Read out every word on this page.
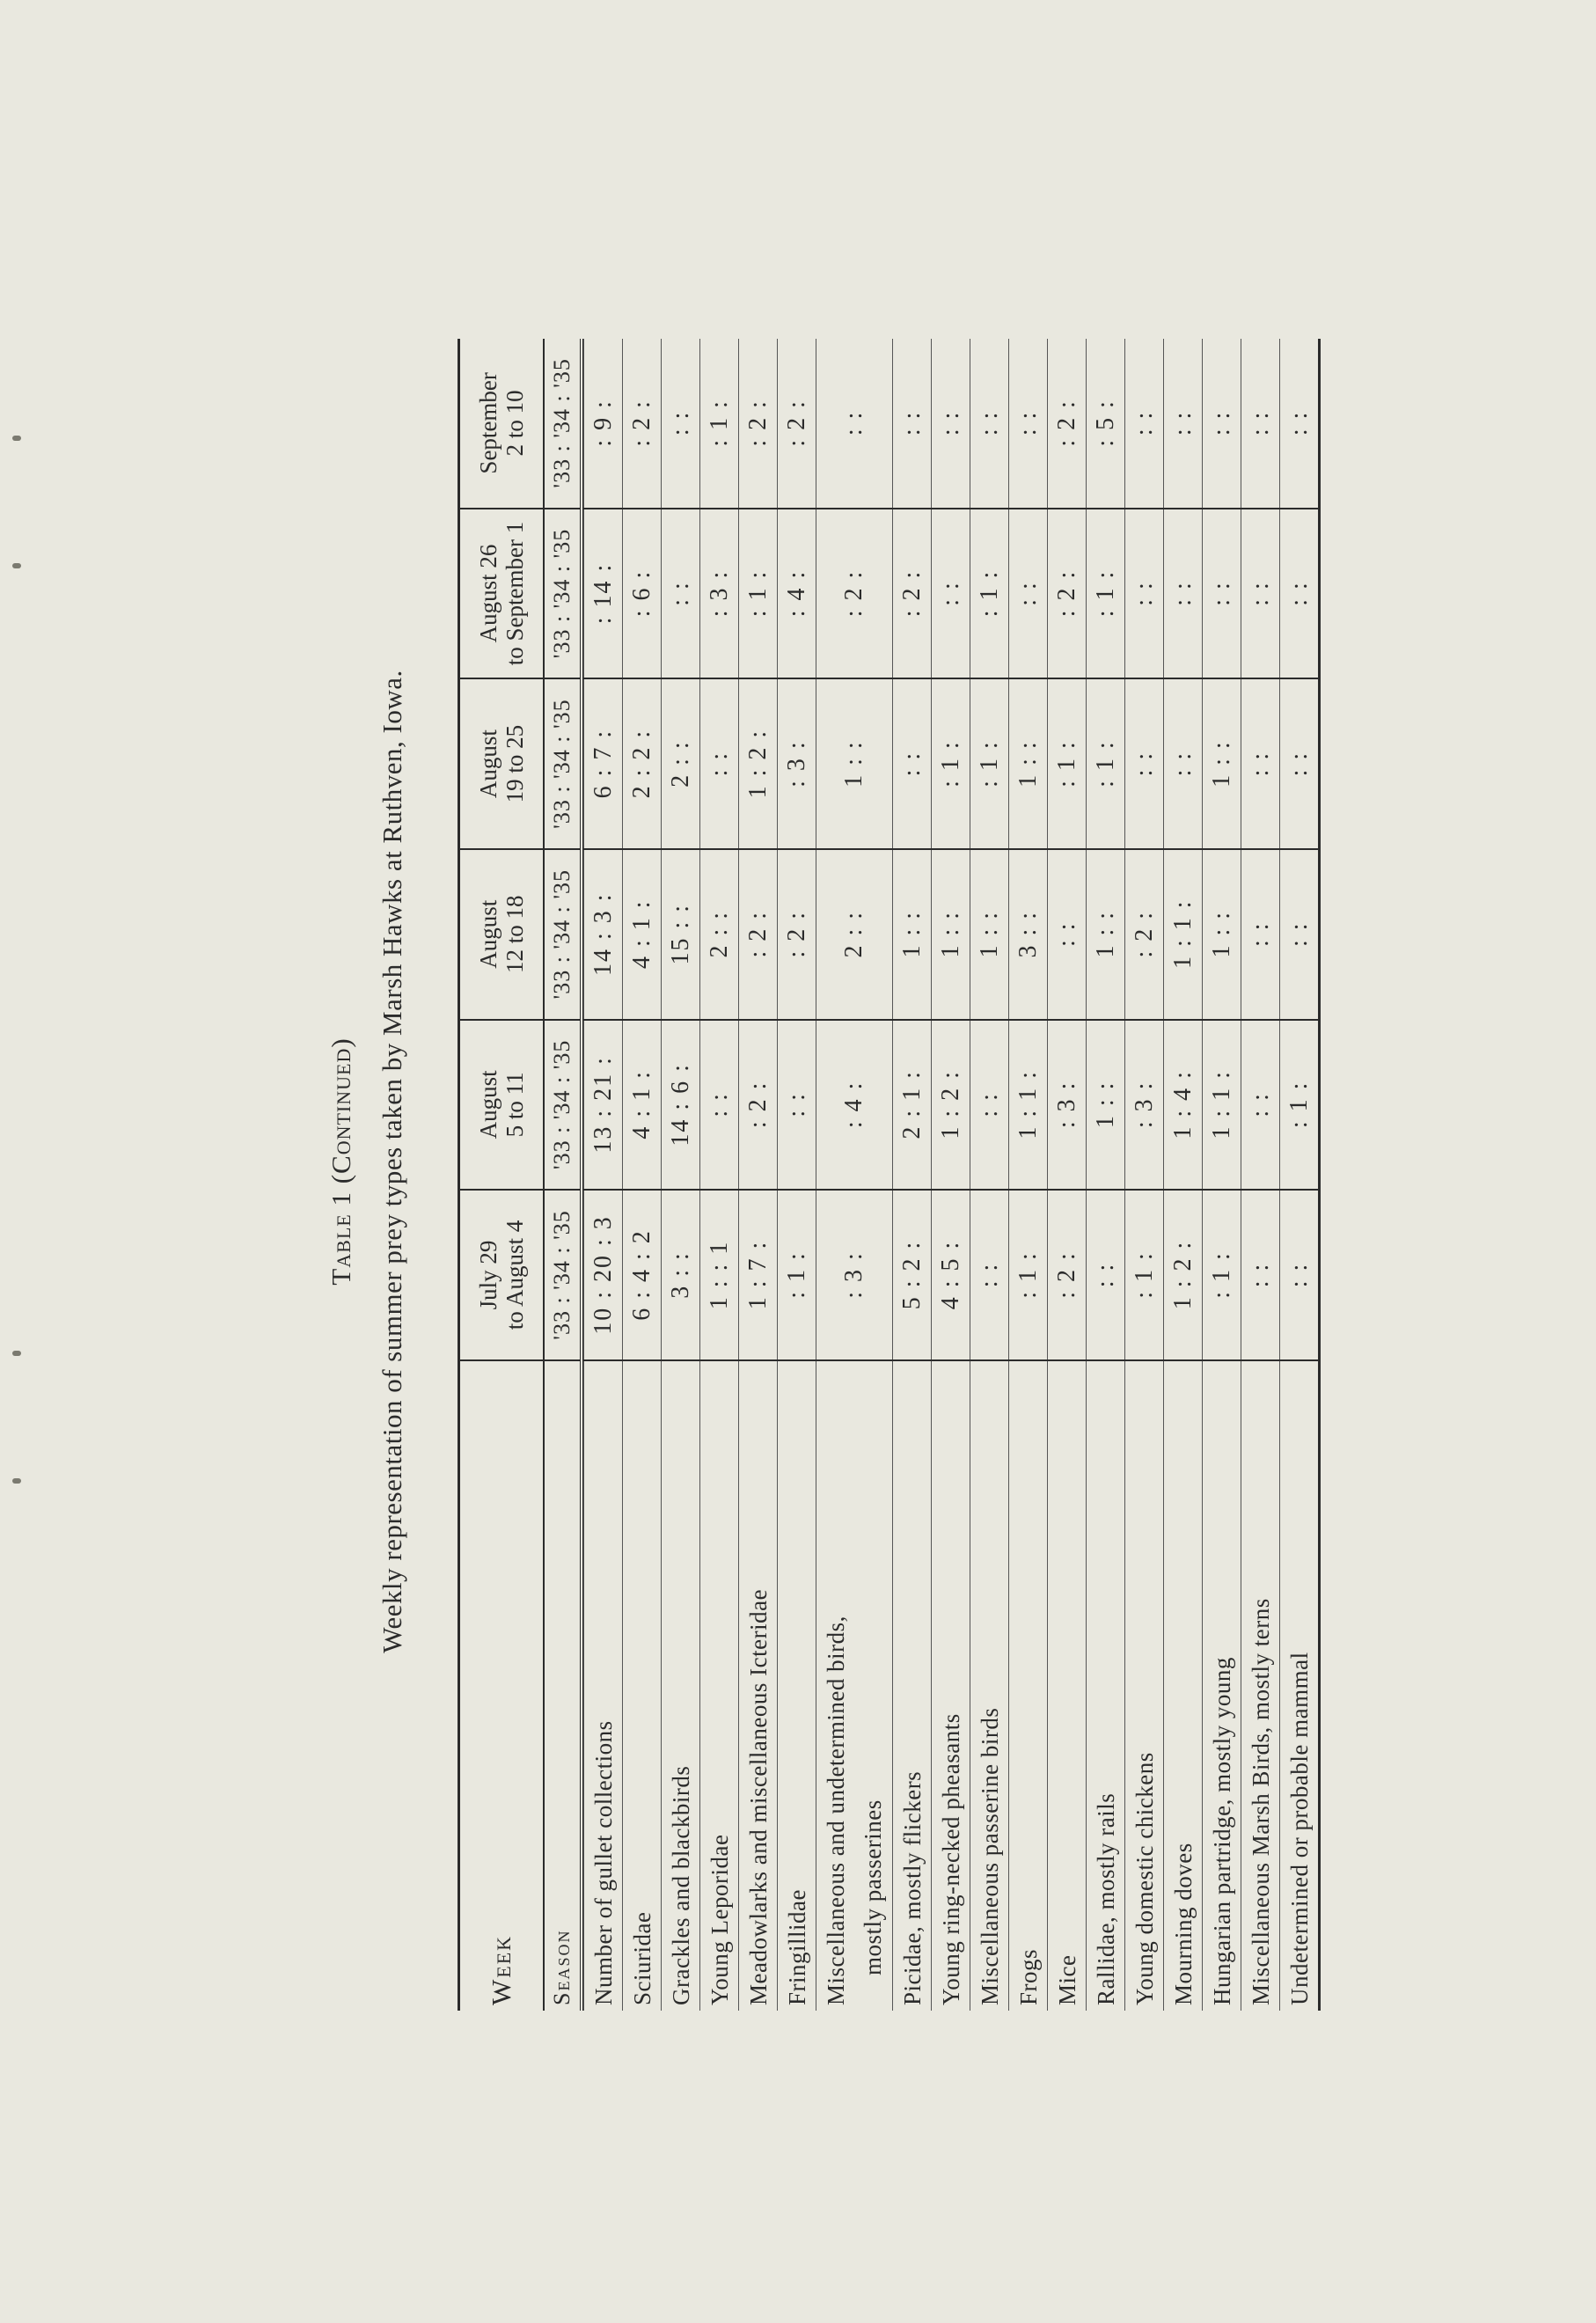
Table 1 (Continued) Weekly representation of summer prey types taken by Marsh Hawks at Ruthven, Iowa.

Week	July 29 to August 4	August 5 to 11	August 12 to 18	August 19 to 25	August 26 to September 1	September 2 to 10

Season	'33 : '34 : '35	'33 : '34 : '35	'33 : '34 : '35	'33 : '34 : '35	'33 : '34 : '35	'33 : '34 : '35

Number of gullet collections	10 : 20 : 3	13 : 21 :	14 : 3 :	6 : 7 :	: 14 :	: 9 :

Sciuridae	6 : 4 : 2	4 : 1 :	4 : 1 :	2 : 2 :	: 6 :	: 2 :

Grackles and blackbirds	3 : :	14 : 6 :	15 : :	2 : :	: :	: :

Young Leporidae	1 : : 1	: :	2 : :	: :	: 3 :	: 1 :

Meadowlarks and miscellaneous Icteridae	1 : 7 :	: 2 :	: 2 :	1 : 2 :	: 1 :	: 2 :

Fringillidae	: 1 :	: :	: 2 :	: 3 :	: 4 :	: 2 :

Miscellaneous and undetermined birds, mostly passerines	: 3 :	: 4 :	2 : :	1 : :	: 2 :	: :

Picidae, mostly flickers	5 : 2 :	2 : 1 :	1 : :	: :	: 2 :	: :

Young ring-necked pheasants	4 : 5 :	1 : 2 :	1 : :	: 1 :	: :	: :

Miscellaneous passerine birds	: :	: :	1 : :	: 1 :	: 1 :	: :

Frogs	: 1 :	1 : 1 :	3 : :	1 : :	: :	: :

Mice	: 2 :	: 3 :	: :	: 1 :	: 2 :	: 2 :

Rallidae, mostly rails	: :	1 : :	1 : :	: 1 :	: 1 :	: 5 :

Young domestic chickens	: 1 :	: 3 :	: 2 :	: :	: :	: :

Mourning doves	1 : 2 :	1 : 4 :	1 : 1 :	: :	: :	: :

Hungarian partridge, mostly young	: 1 :	1 : 1 :	1 : :	1 : :	: :	: :

Miscellaneous Marsh Birds, mostly terns	: :	: :	: :	: :	: :	: :

Undetermined or probable mammal	: :	: 1 :	: :	: :	: :	: :
